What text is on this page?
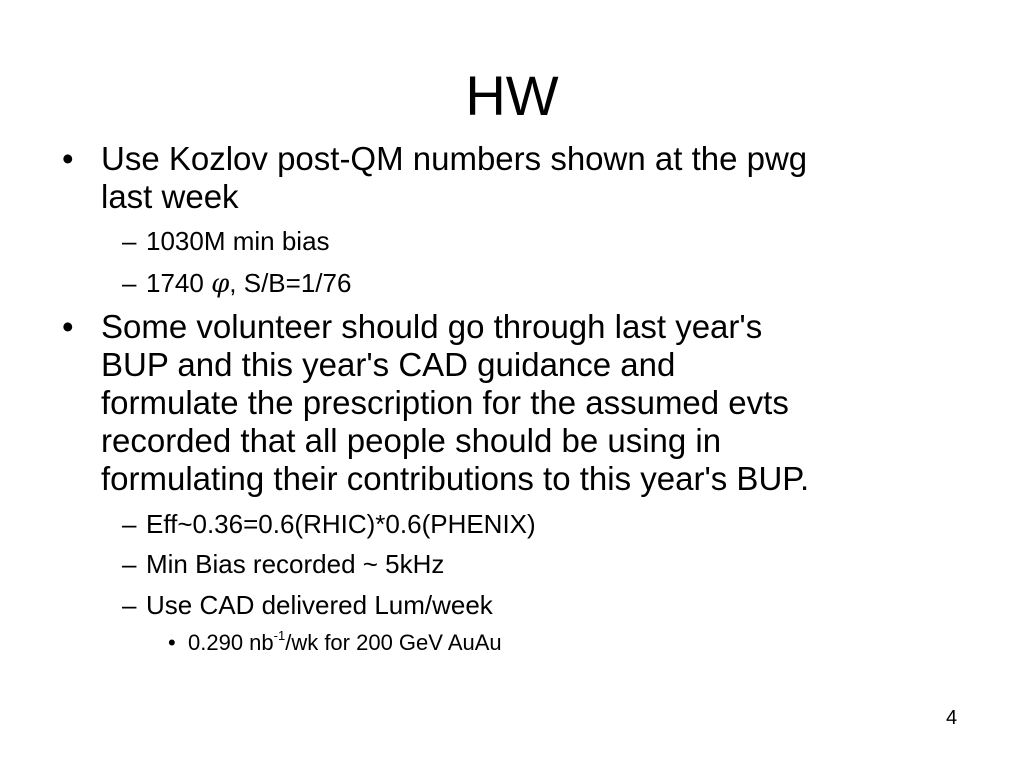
HW
• Use Kozlov post-QM numbers shown at the pwg
last week
– 1030M min bias
– 1740 φ, S/B=1/76
• Some volunteer should go through last year's
BUP and this year's CAD guidance and
formulate the prescription for the assumed evts
recorded that all people should be using in
formulating their contributions to this year's BUP.
– Eff~0.36=0.6(RHIC)*0.6(PHENIX)
– Min Bias recorded ~ 5kHz
– Use CAD delivered Lum/week
• 0.290 $nb^{-1}/wk$ for 200 GeV AuAu
4
